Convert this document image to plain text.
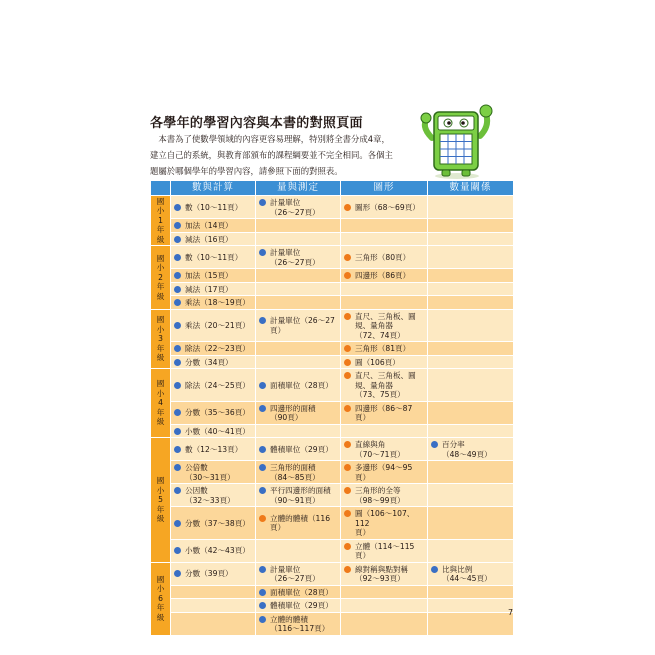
各學年的學習內容與本書的對照頁面
　本書為了使數學領域的內容更容易理解，特別將全書分成4章，
建立自己的系統，與教育部頒布的課程綱要並不完全相同。各個主
題屬於哪個學年的學習內容，請參照下面的對照表。
	數與計算	量與測定	圖形	數量關係
國
小
1
年
級	數（10～11頁）	計量單位
（26～27頁）	圖形（68～69頁）	

	加法（14頁）			

	減法（16頁）			

國
小
2
年
級	數（10～11頁）	計量單位
（26～27頁）	三角形（80頁）	

	加法（15頁）		四邊形（86頁）	

	減法（17頁）			

	乘法（18～19頁）			

國
小
3
年
級	乘法（20～21頁）	計量單位（26～27
頁）	直尺、三角板、圓
規、量角器
（72、74頁）	

	除法（22～23頁）		三角形（81頁）	

	分數（34頁）		圓（106頁）	

國
小
4
年
級	除法（24～25頁）	面積單位（28頁）	直尺、三角板、圓
規、量角器
（73、75頁）	

	分數（35～36頁）	四邊形的面積
（90頁）	四邊形（86～87
頁）	

	小數（40～41頁）			

國
小
5
年
級	數（12～13頁）	體積單位（29頁）	直線與角
（70～71頁）	百分率
（48～49頁）

	公倍數
（30～31頁）	三角形的面積
（84～85頁）	多邊形（94～95
頁）	

	公因數
（32～33頁）	平行四邊形的面積
（90～91頁）	三角形的全等
（98～99頁）	

	分數（37～38頁）	立體的體積（116
頁）	圓（106～107、112
頁）	

	小數（42～43頁）		立體（114～115頁）	

國
小
6
年
級	分數（39頁）	計量單位
（26～27頁）	線對稱與點對稱
（92～93頁）	比與比例
（44～45頁）

		面積單位（28頁）		

		體積單位（29頁）		

		立體的體積
（116～117頁）		

7
